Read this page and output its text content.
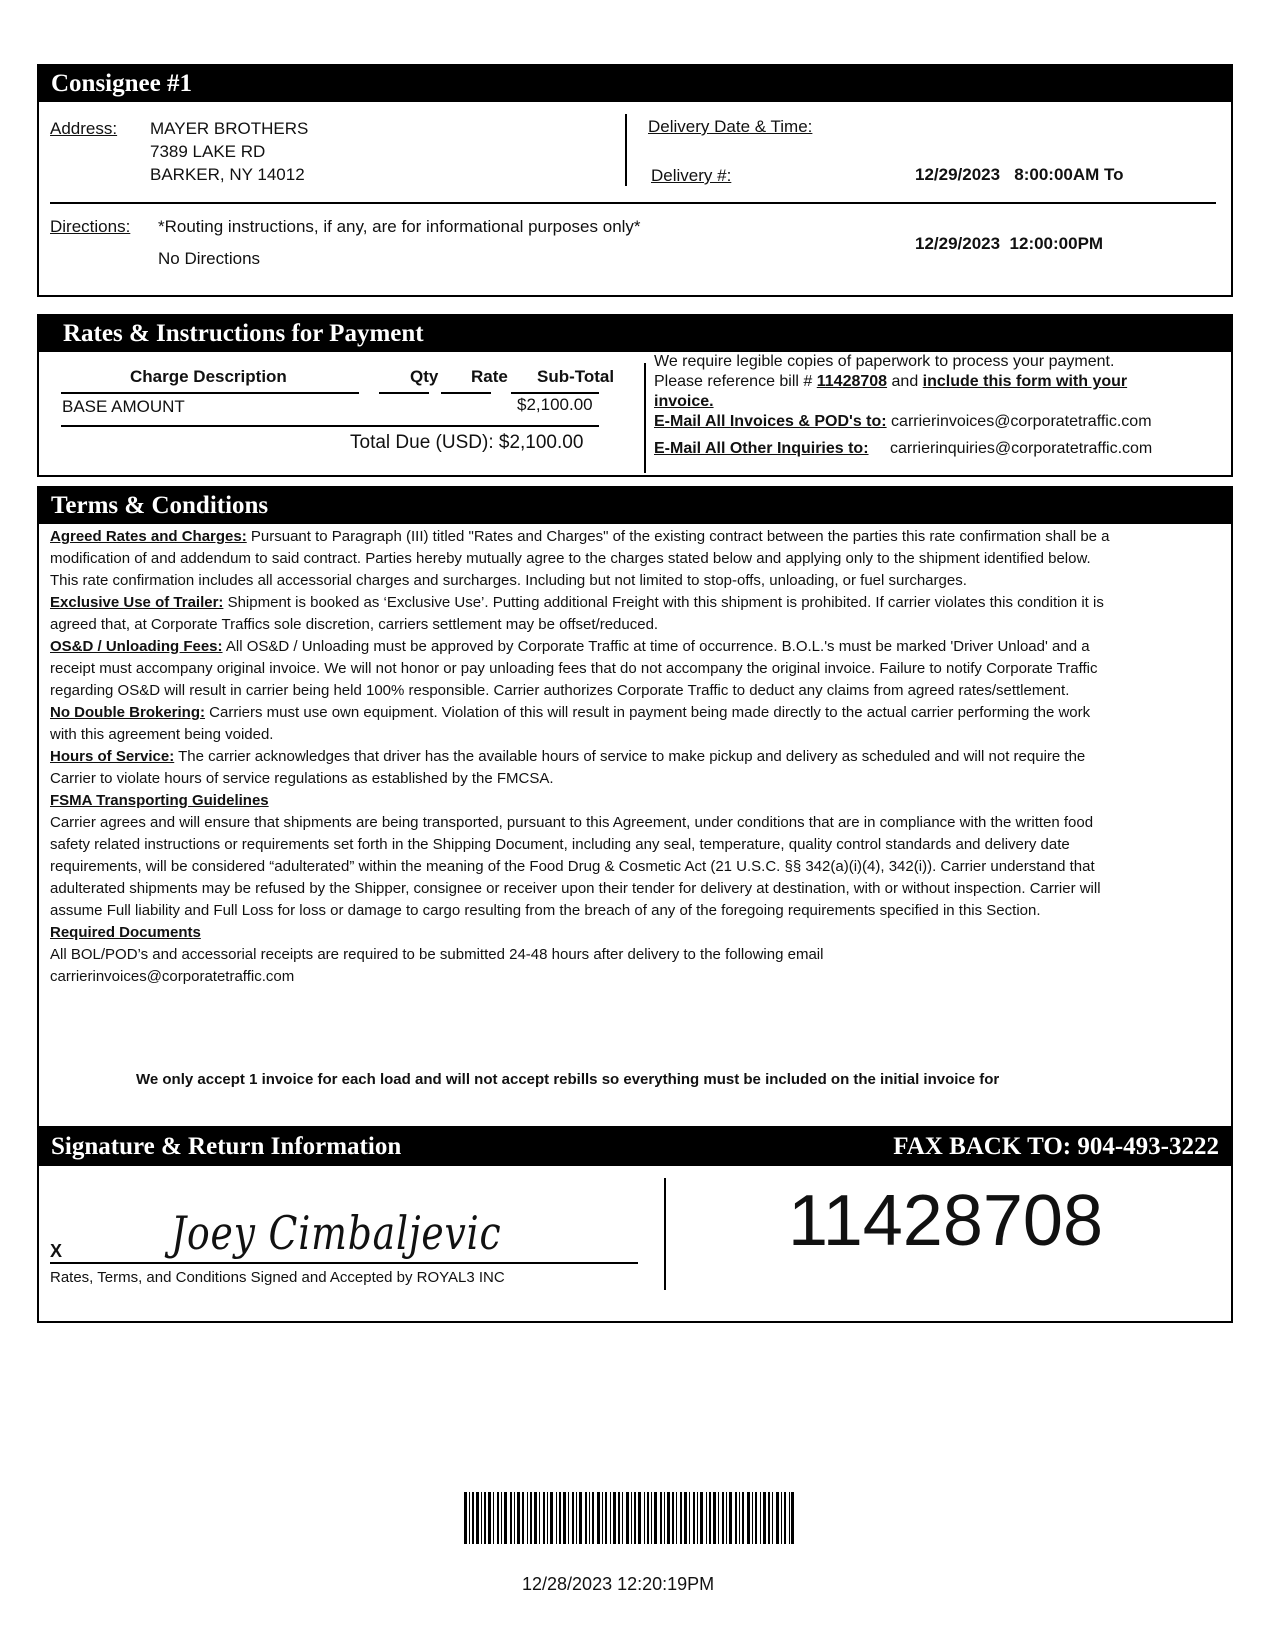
Consignee #1
Address: MAYER BROTHERS
7389 LAKE RD
BARKER, NY 14012
Delivery Date & Time:

12/29/2023   8:00:00AM To

12/29/2023  12:00:00PM

Delivery #:
Directions: *Routing instructions, if any, are for informational purposes only*
No Directions
Rates & Instructions for Payment
Charge Description	Qty Rate Sub-Total
BASE AMOUNT	$2,100.00
Total Due (USD): $2,100.00
We require legible copies of paperwork to process your payment.
Please reference bill # 11428708 and include this form with your
invoice.
E-Mail All Invoices & POD's to: carrierinvoices@corporatetraffic.com
E-Mail All Other Inquiries to: carrierinquiries@corporatetraffic.com
Terms & Conditions

Agreed Rates and Charges: Pursuant to Paragraph (III) titled "Rates and Charges" of the existing contract between the parties this rate confirmation shall be a modification of and addendum to said contract. Parties hereby mutually agree to the charges stated below and applying only to the shipment identified below. This rate confirmation includes all accessorial charges and surcharges. Including but not limited to stop-offs, unloading, or fuel surcharges.

Exclusive Use of Trailer: Shipment is booked as ‘Exclusive Use’. Putting additional Freight with this shipment is prohibited. If carrier violates this condition it is agreed that, at Corporate Traffics sole discretion, carriers settlement may be offset/reduced.

OS&D / Unloading Fees: All OS&D / Unloading must be approved by Corporate Traffic at time of occurrence. B.O.L.'s must be marked 'Driver Unload' and a receipt must accompany original invoice. We will not honor or pay unloading fees that do not accompany the original invoice. Failure to notify Corporate Traffic regarding OS&D will result in carrier being held 100% responsible. Carrier authorizes Corporate Traffic to deduct any claims from agreed rates/settlement.

No Double Brokering: Carriers must use own equipment. Violation of this will result in payment being made directly to the actual carrier performing the work with this agreement being voided.

Hours of Service: The carrier acknowledges that driver has the available hours of service to make pickup and delivery as scheduled and will not require the Carrier to violate hours of service regulations as established by the FMCSA.

FSMA Transporting Guidelines

Carrier agrees and will ensure that shipments are being transported, pursuant to this Agreement, under conditions that are in compliance with the written food safety related instructions or requirements set forth in the Shipping Document, including any seal, temperature, quality control standards and delivery date requirements, will be considered “adulterated” within the meaning of the Food Drug & Cosmetic Act (21 U.S.C. §§ 342(a)(i)(4), 342(i)). Carrier understand that adulterated shipments may be refused by the Shipper, consignee or receiver upon their tender for delivery at destination, with or without inspection. Carrier will assume Full liability and Full Loss for loss or damage to cargo resulting from the breach of any of the foregoing requirements specified in this Section.

Required Documents

All BOL/POD’s and accessorial receipts are required to be submitted 24-48 hours after delivery to the following email carrierinvoices@corporatetraffic.com

We only accept 1 invoice for each load and will not accept rebills so everything must be included on the initial invoice for
Signature & Return Information	FAX BACK TO: 904-493-3222
X Joey Cimbaljevic
Rates, Terms, and Conditions Signed and Accepted by ROYAL3 INC
11428708
12/28/2023 12:20:19PM
